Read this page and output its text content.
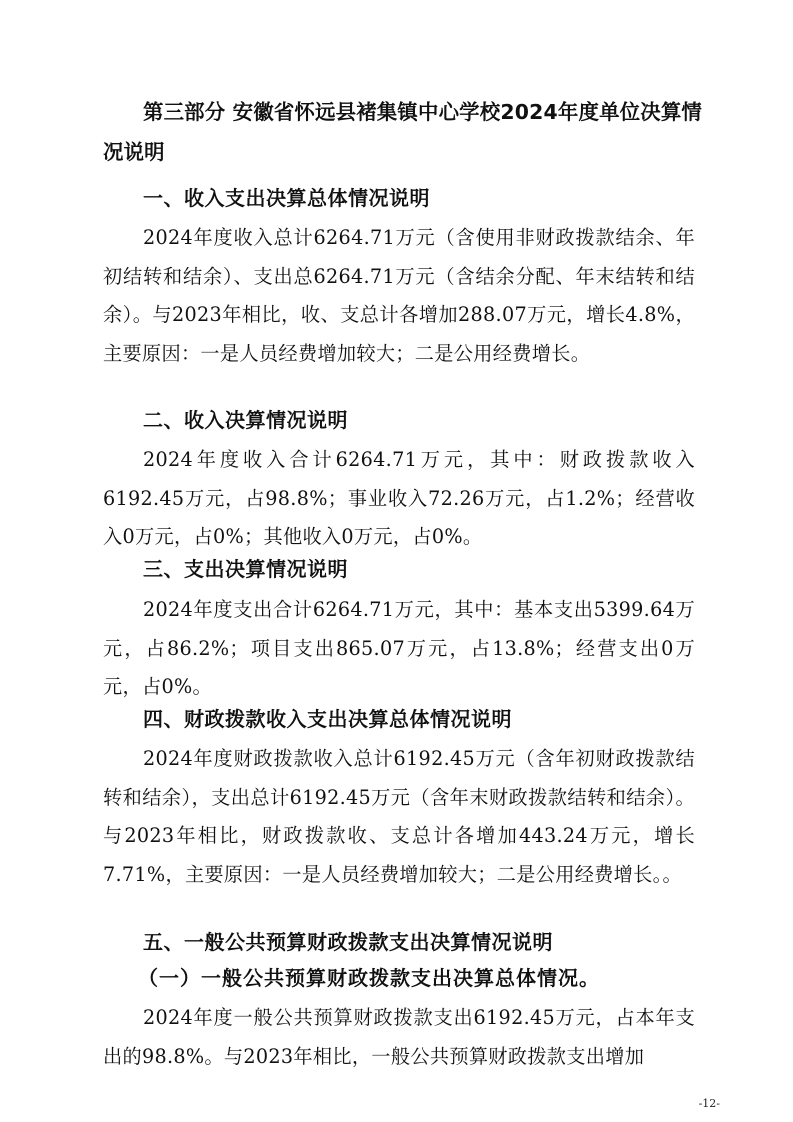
第三部分 安徽省怀远县褚集镇中心学校2024年度单位决算情况说明
一、收入支出决算总体情况说明

2024年度收入总计6264.71万元（含使用非财政拨款结余、年初结转和结余）、支出总6264.71万元（含结余分配、年末结转和结余）。与2023年相比，收、支总计各增加288.07万元，增长4.8%，主要原因：一是人员经费增加较大；二是公用经费增长。

二、收入决算情况说明

2024年度收入合计6264.71万元，其中：财政拨款收入6192.45万元，占98.8%；事业收入72.26万元，占1.2%；经营收入0万元，占0%；其他收入0万元，占0%。

三、支出决算情况说明

2024年度支出合计6264.71万元，其中：基本支出5399.64万元，占86.2%；项目支出865.07万元，占13.8%；经营支出0万元，占0%。

四、财政拨款收入支出决算总体情况说明

2024年度财政拨款收入总计6192.45万元（含年初财政拨款结转和结余），支出总计6192.45万元（含年末财政拨款结转和结余）。与2023年相比，财政拨款收、支总计各增加443.24万元，增长7.71%，主要原因：一是人员经费增加较大；二是公用经费增长。。

五、一般公共预算财政拨款支出决算情况说明
（一）一般公共预算财政拨款支出决算总体情况。

2024年度一般公共预算财政拨款支出6192.45万元，占本年支出的98.8%。与2023年相比，一般公共预算财政拨款支出增加

-12-
